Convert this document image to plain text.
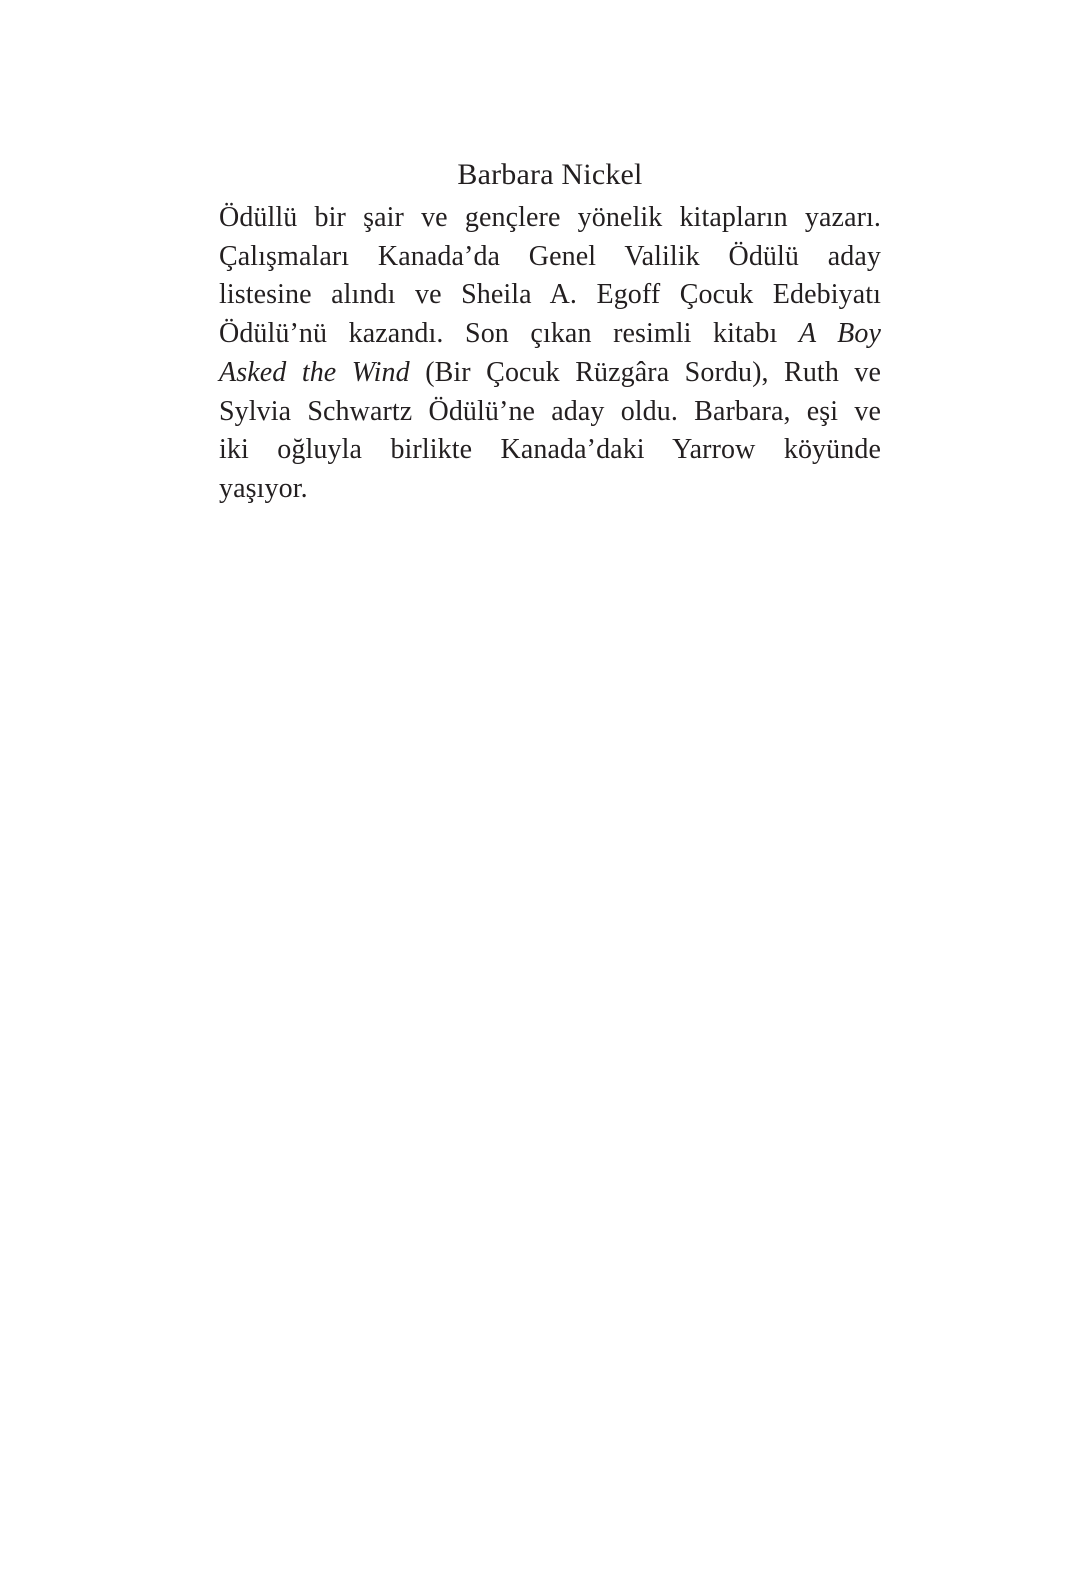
Barbara Nickel

Ödüllü bir şair ve gençlere yönelik kitapların yazarı.
Çalışmaları Kanada’da Genel Valilik Ödülü aday
listesine alındı ve Sheila A. Egoff Çocuk Edebiyatı
Ödülü’nü kazandı. Son çıkan resimli kitabı A Boy
Asked the Wind (Bir Çocuk Rüzgâra Sordu), Ruth ve
Sylvia Schwartz Ödülü’ne aday oldu. Barbara, eşi ve
iki oğluyla birlikte Kanada’daki Yarrow köyünde
yaşıyor.
